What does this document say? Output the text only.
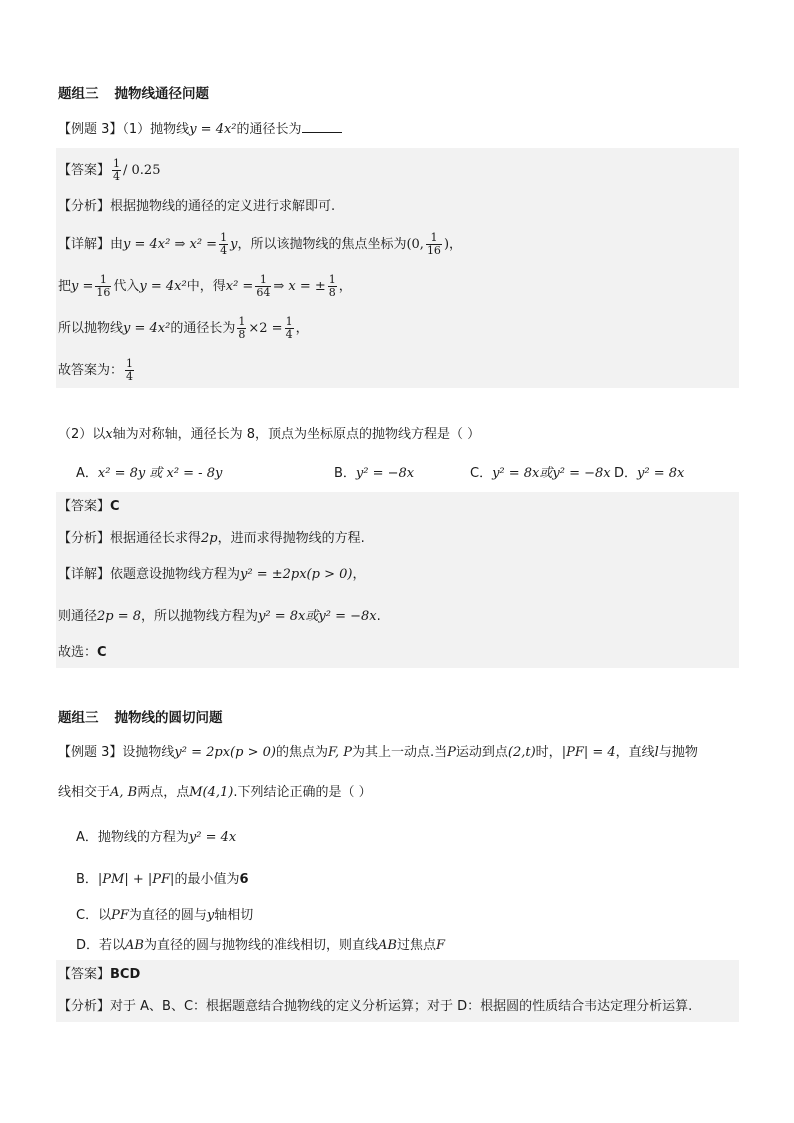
题组三 抛物线通径问题
【例题 3】（1）抛物线y = 4x²的通径长为
【答案】 $\frac{1}{4} / 0.25$
【分析】根据抛物线的通径的定义进行求解即可.
【详解】由y = 4x² ⇒ $x^2 = \frac{1}{4}$ y，所以该抛物线的焦点坐标为(0, $\frac{1}{16}$ )，
把$y = \frac{1}{16}$ 代入y = 4x²中，得$x^2 = \frac{1}{64}$ ⇒ x = ± $\frac{1}{8}$ ，
所以抛物线y = 4x²的通径长为 $\frac{1}{8} \times 2 = \frac{1}{4}$ ，
故答案为： $\frac{1}{4}$
（2）以x轴为对称轴，通径长为 8，顶点为坐标原点的抛物线方程是（ ）
A．x² = 8y 或 x² = - 8y	B．y² = −8x	C．y² = 8x或y² = −8x D．y² = 8x
【答案】C
【分析】根据通径长求得2p，进而求得抛物线的方程.
【详解】依题意设抛物线方程为y² = ±2px(p > 0)，
则通径2p = 8，所以抛物线方程为y² = 8x或y² = −8x.
故选：C
题组三 抛物线的圆切问题
【例题 3】设抛物线y² = 2px(p > 0)的焦点为F, P为其上一动点.当P运动到点(2,t)时，|PF| = 4，直线l与抛物
线相交于A, B两点，点M(4,1).下列结论正确的是（ ）
A．抛物线的方程为y² = 4x
B．|PM| + |PF|的最小值为6
C．以PF为直径的圆与y轴相切
D．若以AB为直径的圆与抛物线的准线相切，则直线AB过焦点F
【答案】BCD
【分析】对于 A、B、C：根据题意结合抛物线的定义分析运算；对于 D：根据圆的性质结合韦达定理分析运算.
